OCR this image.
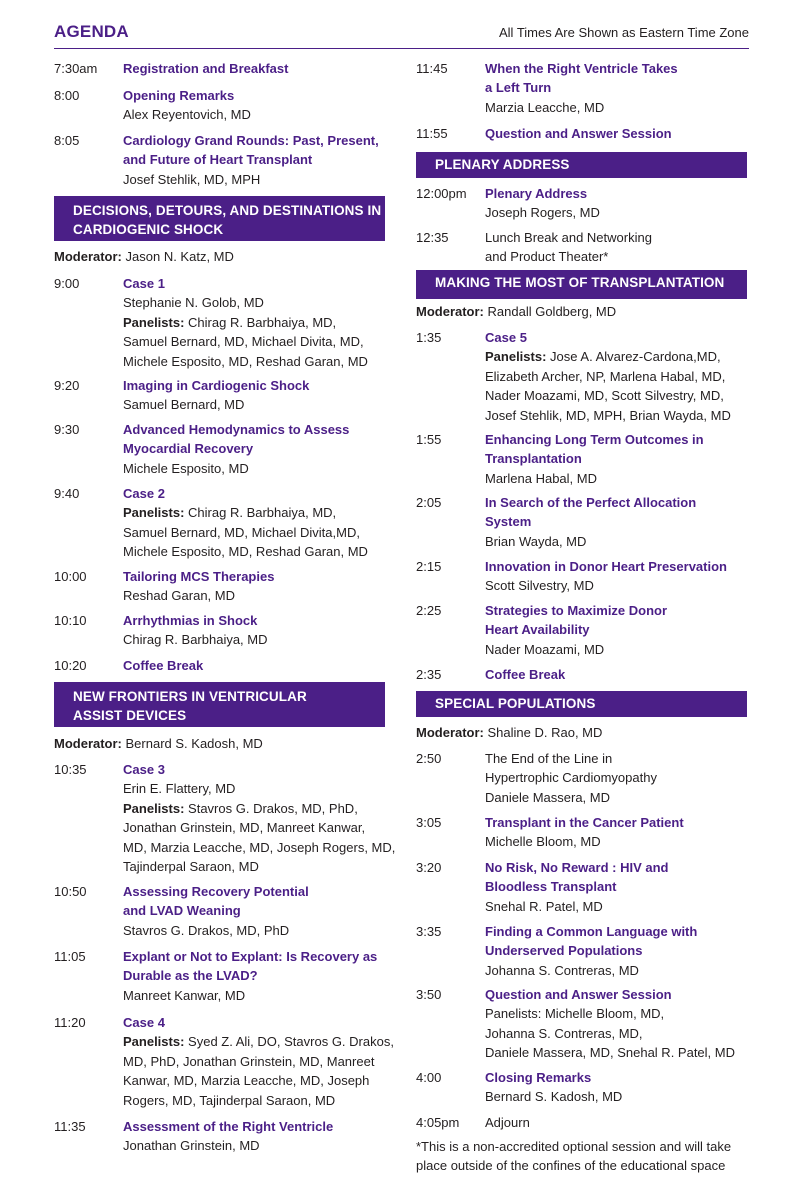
AGENDA	All Times Are Shown as Eastern Time Zone
7:30am Registration and Breakfast
8:00	Opening Remarks
Alex Reyentovich, MD
8:05	Cardiology Grand Rounds: Past, Present,
and Future of Heart Transplant
Josef Stehlik, MD, MPH
DECISIONS, DETOURS, AND DESTINATIONS IN
CARDIOGENIC SHOCK
Moderator: Jason N. Katz, MD
9:00	Case 1
Stephanie N. Golob, MD
Panelists: Chirag R. Barbhaiya, MD,
Samuel Bernard, MD, Michael Divita, MD,
Michele Esposito, MD, Reshad Garan, MD
9:20	Imaging in Cardiogenic Shock
Samuel Bernard, MD
9:30	Advanced Hemodynamics to Assess
Myocardial Recovery
Michele Esposito, MD
9:40	Case 2
Panelists: Chirag R. Barbhaiya, MD,
Samuel Bernard, MD, Michael Divita,MD,
Michele Esposito, MD, Reshad Garan, MD
10:00	Tailoring MCS Therapies
Reshad Garan, MD
10:10	Arrhythmias in Shock
Chirag R. Barbhaiya, MD
10:20	Coffee Break
NEW FRONTIERS IN VENTRICULAR
ASSIST DEVICES
Moderator: Bernard S. Kadosh, MD
10:35	Case 3
Erin E. Flattery, MD
Panelists: Stavros G. Drakos, MD, PhD,
Jonathan Grinstein, MD, Manreet Kanwar,
MD, Marzia Leacche, MD, Joseph Rogers, MD,
Tajinderpal Saraon, MD
10:50	Assessing Recovery Potential
and LVAD Weaning
Stavros G. Drakos, MD, PhD
11:05	Explant or Not to Explant: Is Recovery as
Durable as the LVAD?
Manreet Kanwar, MD
11:20	Case 4
Panelists: Syed Z. Ali, DO, Stavros G. Drakos,
MD, PhD, Jonathan Grinstein, MD, Manreet
Kanwar, MD, Marzia Leacche, MD, Joseph
Rogers, MD, Tajinderpal Saraon, MD
11:35	Assessment of the Right Ventricle
Jonathan Grinstein, MD
11:45	When the Right Ventricle Takes
a Left Turn
Marzia Leacche, MD
11:55	Question and Answer Session
PLENARY ADDRESS
12:00pm Plenary Address
Joseph Rogers, MD
12:35	Lunch Break and Networking
and Product Theater*
MAKING THE MOST OF TRANSPLANTATION
Moderator: Randall Goldberg, MD
1:35	Case 5
Panelists: Jose A. Alvarez-Cardona,MD,
Elizabeth Archer, NP, Marlena Habal, MD,
Nader Moazami, MD, Scott Silvestry, MD,
Josef Stehlik, MD, MPH, Brian Wayda, MD
1:55	Enhancing Long Term Outcomes in
Transplantation
Marlena Habal, MD
2:05	In Search of the Perfect Allocation
System
Brian Wayda, MD
2:15	Innovation in Donor Heart Preservation
Scott Silvestry, MD
2:25	Strategies to Maximize Donor
Heart Availability
Nader Moazami, MD
2:35	Coffee Break
SPECIAL POPULATIONS
Moderator: Shaline D. Rao, MD
2:50	The End of the Line in
Hypertrophic Cardiomyopathy
Daniele Massera, MD
3:05	Transplant in the Cancer Patient
Michelle Bloom, MD
3:20	No Risk, No Reward : HIV and
Bloodless Transplant
Snehal R. Patel, MD
3:35	Finding a Common Language with
Underserved Populations
Johanna S. Contreras, MD
3:50	Question and Answer Session
Panelists: Michelle Bloom, MD,
Johanna S. Contreras, MD,
Daniele Massera, MD, Snehal R. Patel, MD
4:00	Closing Remarks
Bernard S. Kadosh, MD
4:05pm Adjourn
*This is a non-accredited optional session and will take
place outside of the confines of the educational space
